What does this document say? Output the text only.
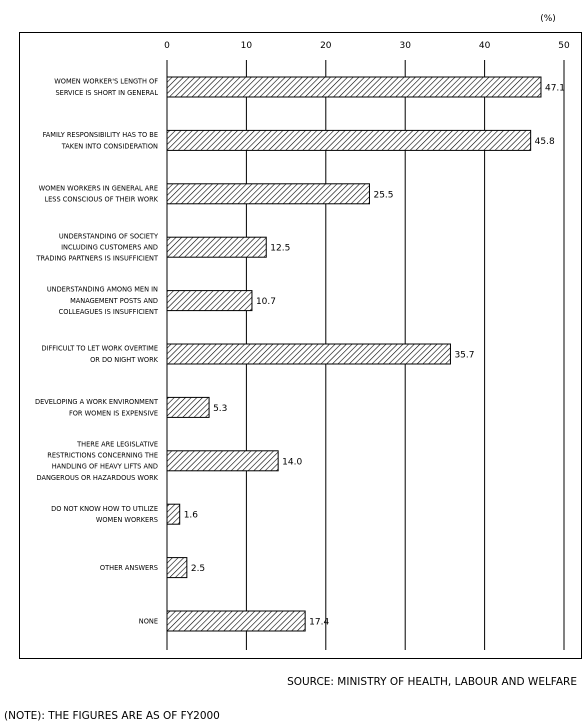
(%)
0	10	20	30	40	50
47.1
WOMEN WORKER'S LENGTH OF
SERVICE IS SHORT IN GENERAL
45.8
FAMILY RESPONSIBILITY HAS TO BE
TAKEN INTO CONSIDERATION
25.5
WOMEN WORKERS IN GENERAL ARE
LESS CONSCIOUS OF THEIR WORK
12.5
UNDERSTANDING OF SOCIETY
INCLUDING CUSTOMERS AND
TRADING PARTNERS IS INSUFFICIENT
10.7
UNDERSTANDING AMONG MEN IN
MANAGEMENT POSTS AND
COLLEAGUES IS INSUFFICIENT
35.7
DIFFICULT TO LET WORK OVERTIME
OR DO NIGHT WORK
5.3
DEVELOPING A WORK ENVIRONMENT
FOR WOMEN IS EXPENSIVE
14.0
THERE ARE LEGISLATIVE
RESTRICTIONS CONCERNING THE
HANDLING OF HEAVY LIFTS AND
DANGEROUS OR HAZARDOUS WORK
1.6
DO NOT KNOW HOW TO UTILIZE
WOMEN WORKERS
2.5
OTHER ANSWERS
17.4
NONE
SOURCE: MINISTRY OF HEALTH, LABOUR AND WELFARE
(NOTE): THE FIGURES ARE AS OF FY2000
